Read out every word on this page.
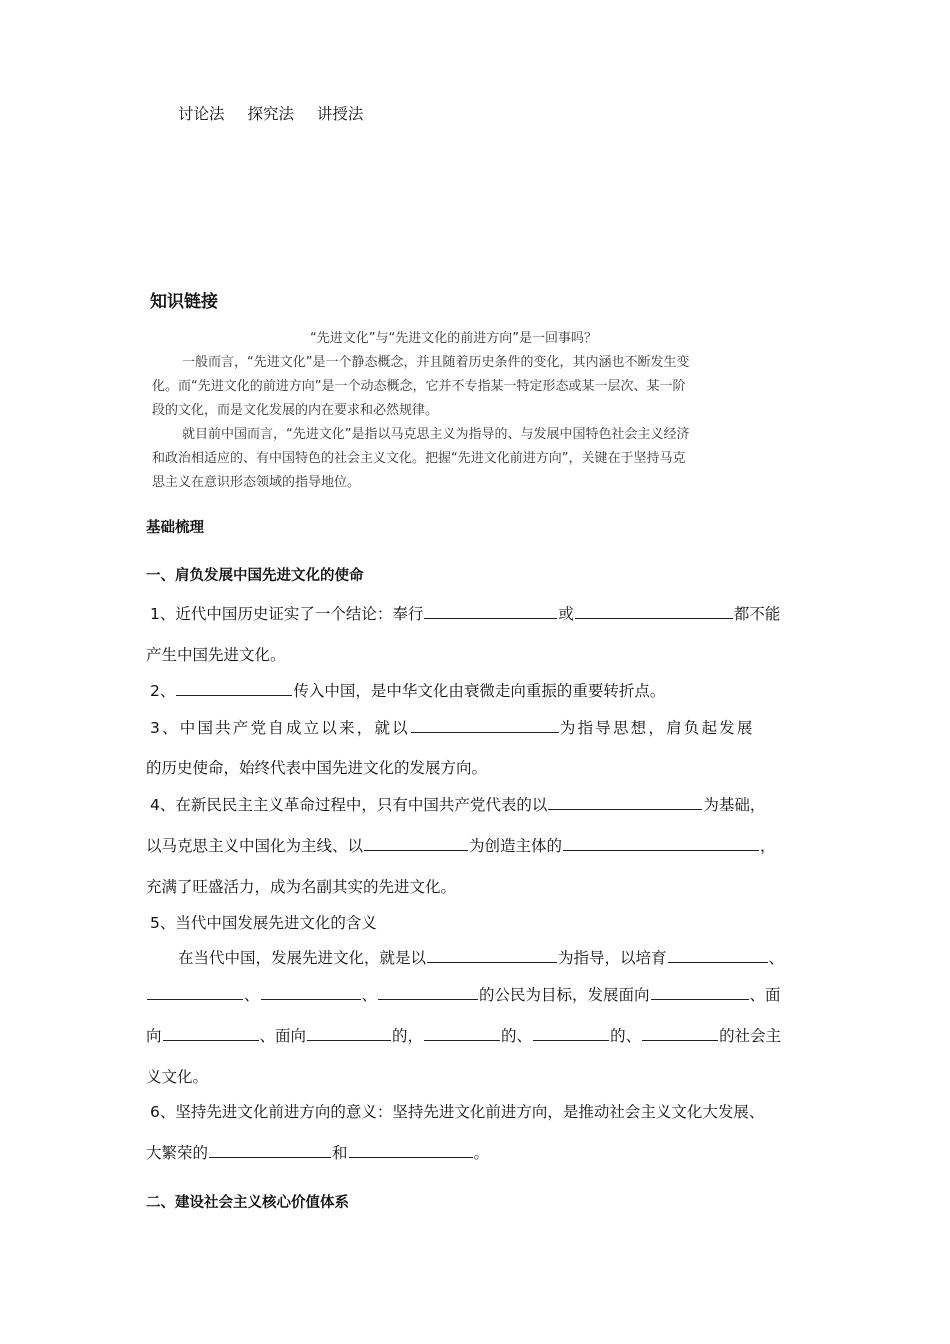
讨论法 探究法 讲授法
知识链接
“先进文化”与“先进文化的前进方向”是一回事吗？
一般而言，“先进文化”是一个静态概念，并且随着历史条件的变化，其内涵也不断发生变
化。而“先进文化的前进方向”是一个动态概念，它并不专指某一特定形态或某一层次、某一阶
段的文化，而是文化发展的内在要求和必然规律。
就目前中国而言，“先进文化”是指以马克思主义为指导的、与发展中国特色社会主义经济
和政治相适应的、有中国特色的社会主义文化。把握“先进文化前进方向”，关键在于坚持马克
思主义在意识形态领域的指导地位。
基础梳理
一、肩负发展中国先进文化的使命
1、近代中国历史证实了一个结论：奉行	或	都不能
产生中国先进文化。
2、	传入中国，是中华文化由衰微走向重振的重要转折点。
3、中国共产党自成立以来，就以	为指导思想，肩负起发展
的历史使命，始终代表中国先进文化的发展方向。
4、在新民民主主义革命过程中，只有中国共产党代表的以	为基础，
以马克思主义中国化为主线、以	为创造主体的	，
充满了旺盛活力，成为名副其实的先进文化。
5、当代中国发展先进文化的含义
在当代中国，发展先进文化，就是以	为指导，以培育	、
、	、	的公民为目标，发展面向	、面
向	、面向	的，	的、	的、	的社会主
义文化。
6、坚持先进文化前进方向的意义：坚持先进文化前进方向，是推动社会主义文化大发展、
大繁荣的	和	。
二、建设社会主义核心价值体系
